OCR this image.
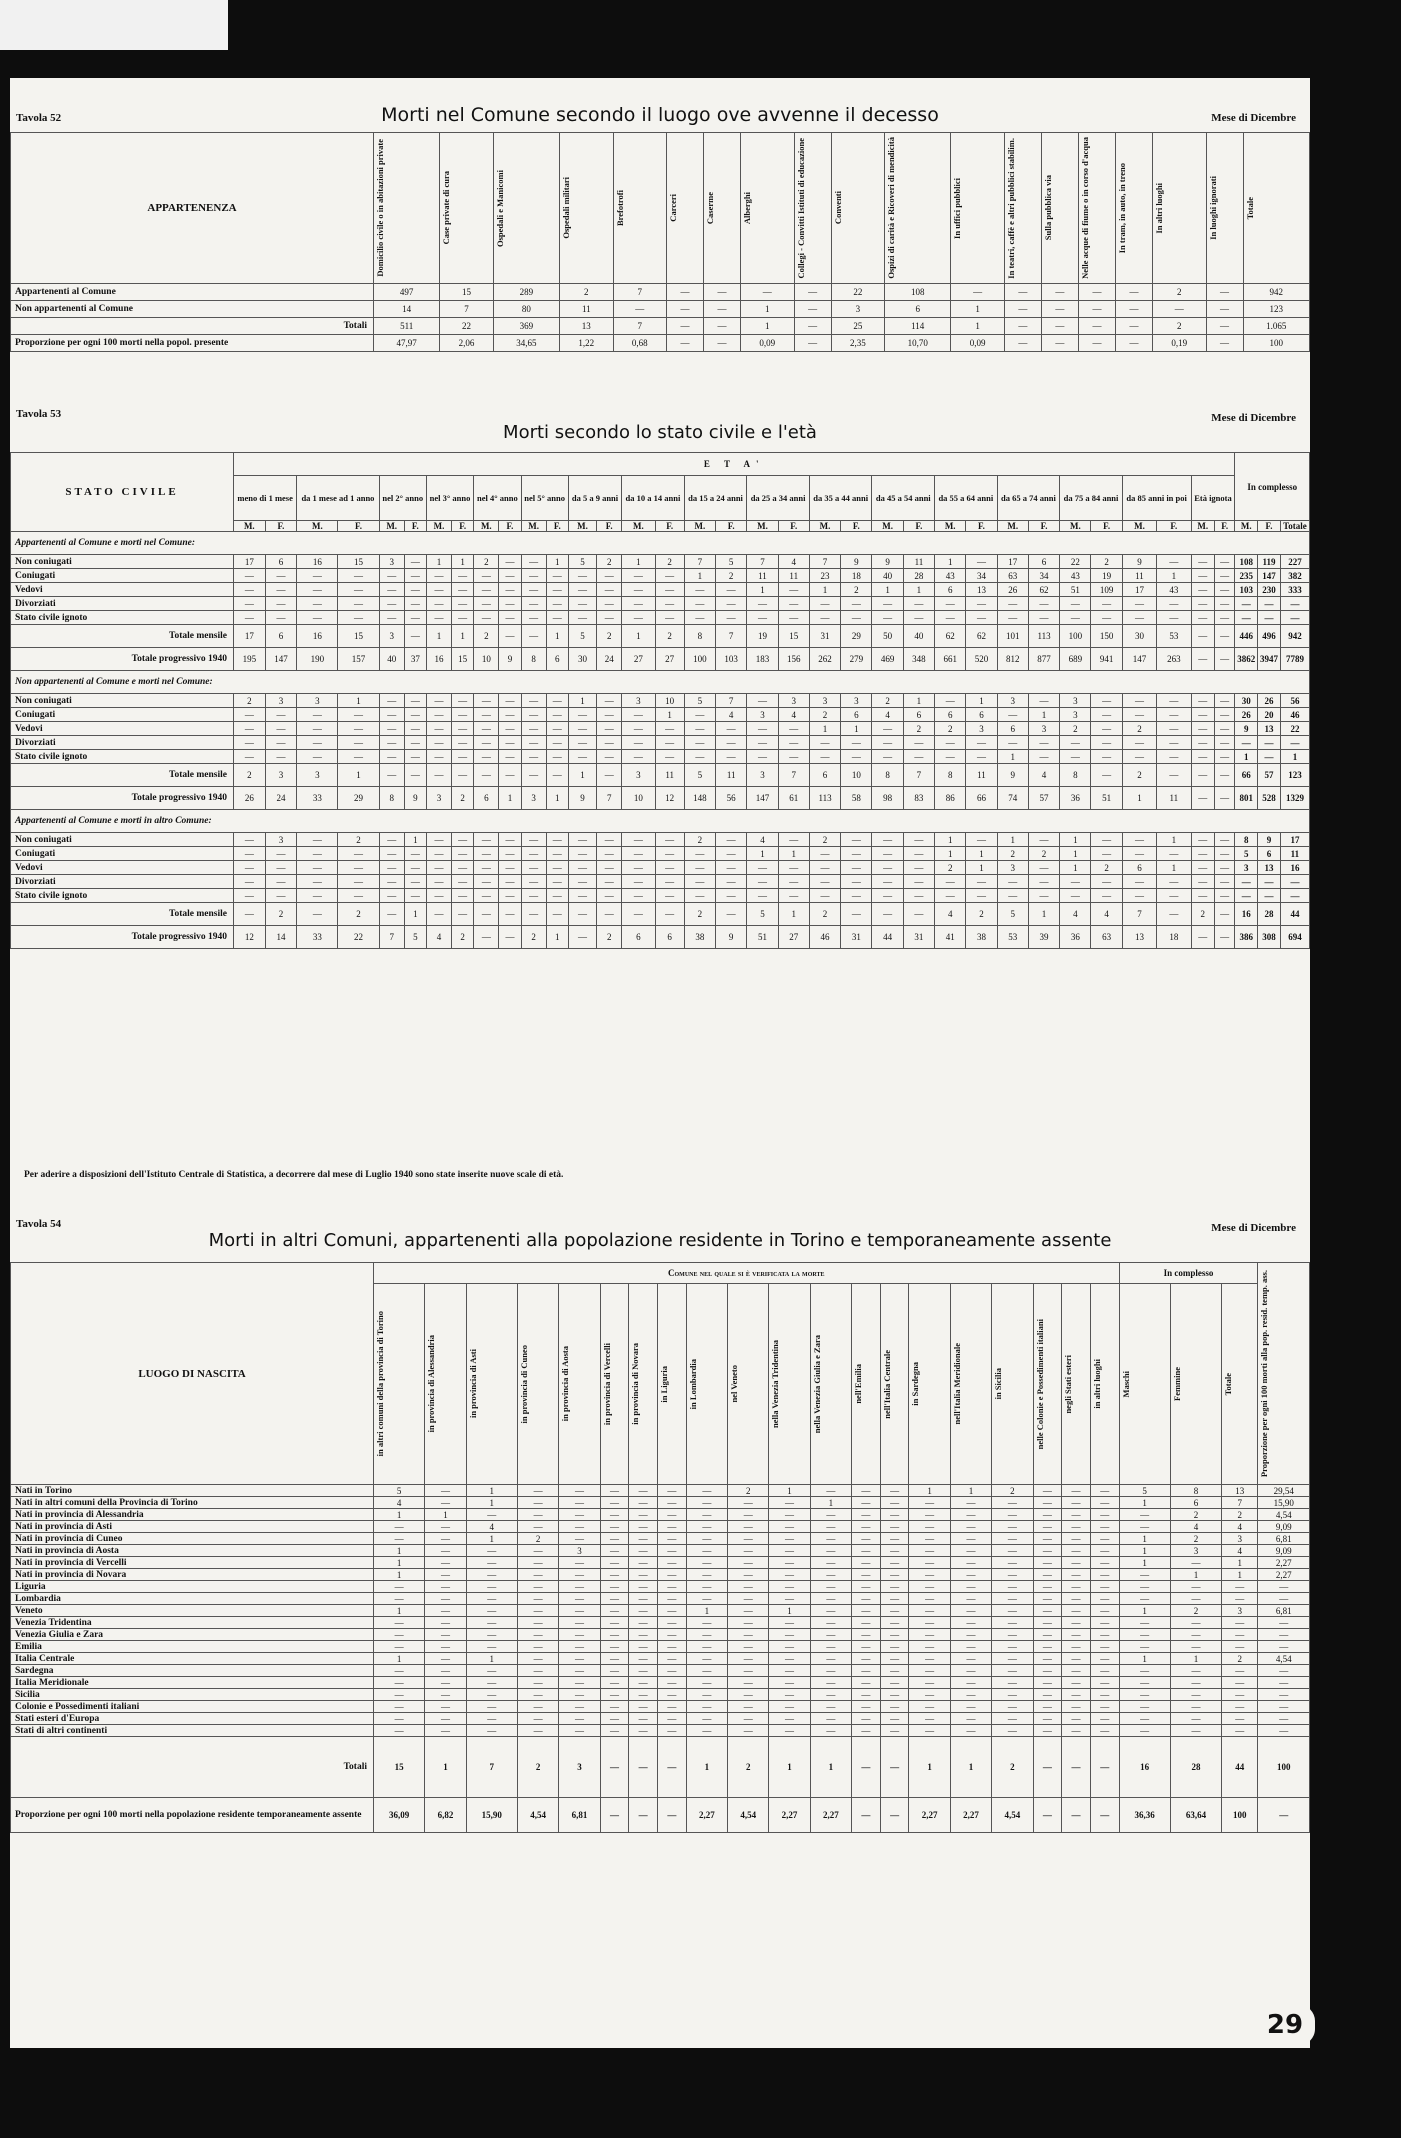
Tavola 52	Morti nel Comune secondo il luogo ove avvenne il decesso	Mese di Dicembre
APPARTENENZA	Domicilio civile o in abitazioni private	Case private di cura	Ospedali e Manicomi	Ospedali militari	Brefotrofi	Carceri	Caserme	Alberghi	Collegi - Convitti Istituti di educazione	Conventi	Ospizi di carità e Ricoveri di mendicità	In uffici pubblici	In teatri, caffè e altri pubblici stabilim.	Sulla pubblica via	Nelle acque di fiume o in corso d'acqua	In tram, in auto, in treno	In altri luoghi	In luoghi ignorati	Totale

Appartenenti al Comune	497	15	289	2	7	—	—	—	—	22	108	—	—	—	—	—	2	—	942
Non appartenenti al Comune	14	7	80	11	—	—	—	1	—	3	6	1	—	—	—	—	—	—	123
Totali	511	22	369	13	7	—	—	1	—	25	114	1	—	—	—	—	2	—	1.065
Proporzione per ogni 100 morti nella popol. presente	47,97	2,06	34,65	1,22	0,68	—	—	0,09	—	2,35	10,70	0,09	—	—	—	—	0,19	—	100
Tavola 53
Morti secondo lo stato civile e l'età
Mese di Dicembre
STATO CIVILE	E T A'																																		In complesso		
	meno di 1 mese		da 1 mese ad 1 anno		nel 2° anno		nel 3° anno		nel 4° anno		nel 5° anno		da 5 a 9 anni		da 10 a 14 anni		da 15 a 24 anni		da 25 a 34 anni		da 35 a 44 anni		da 45 a 54 anni		da 55 a 64 anni		da 65 a 74 anni		da 75 a 84 anni		da 85 anni in poi		Età ignota				
	M.	F.	M.	F.	M.	F.	M.	F.	M.	F.	M.	F.	M.	F.	M.	F.	M.	F.	M.	F.	M.	F.	M.	F.	M.	F.	M.	F.	M.	F.	M.	F.	M.	F.	M.	F.	Totale
Appartenenti al Comune e morti nel Comune:																																					
Non coniugati	17	6	16	15	3	—	1	1	2	—	—	1	5	2	1	2	7	5	7	4	7	9	9	11	1	—	17	6	22	2	9	—	—	—	108	119	227
Coniugati	—	—	—	—	—	—	—	—	—	—	—	—	—	—	—	—	1	2	11	11	23	18	40	28	43	34	63	34	43	19	11	1	—	—	235	147	382
Vedovi	—	—	—	—	—	—	—	—	—	—	—	—	—	—	—	—	—	—	1	—	1	2	1	1	6	13	26	62	51	109	17	43	—	—	103	230	333
Divorziati	—	—	—	—	—	—	—	—	—	—	—	—	—	—	—	—	—	—	—	—	—	—	—	—	—	—	—	—	—	—	—	—	—	—	—	—	—
Stato civile ignoto	—	—	—	—	—	—	—	—	—	—	—	—	—	—	—	—	—	—	—	—	—	—	—	—	—	—	—	—	—	—	—	—	—	—	—	—	—
Totale mensile	17	6	16	15	3	—	1	1	2	—	—	1	5	2	1	2	8	7	19	15	31	29	50	40	62	62	101	113	100	150	30	53	—	—	446	496	942
Totale progressivo 1940	195	147	190	157	40	37	16	15	10	9	8	6	30	24	27	27	100	103	183	156	262	279	469	348	661	520	812	877	689	941	147	263	—	—	3862	3947	7789
Non appartenenti al Comune e morti nel Comune:																																					
Non coniugati	2	3	3	1	—	—	—	—	—	—	—	—	1	—	3	10	5	7	—	3	3	3	2	1	—	1	3	—	3	—	—	—	—	—	30	26	56
Coniugati	—	—	—	—	—	—	—	—	—	—	—	—	—	—	—	1	—	4	3	4	2	6	4	6	6	6	—	1	3	—	—	—	—	—	26	20	46
Vedovi	—	—	—	—	—	—	—	—	—	—	—	—	—	—	—	—	—	—	—	—	1	1	—	2	2	3	6	3	2	—	2	—	—	—	9	13	22
Divorziati	—	—	—	—	—	—	—	—	—	—	—	—	—	—	—	—	—	—	—	—	—	—	—	—	—	—	—	—	—	—	—	—	—	—	—	—	—
Stato civile ignoto	—	—	—	—	—	—	—	—	—	—	—	—	—	—	—	—	—	—	—	—	—	—	—	—	—	—	1	—	—	—	—	—	—	—	1	—	1
Totale mensile	2	3	3	1	—	—	—	—	—	—	—	—	1	—	3	11	5	11	3	7	6	10	8	7	8	11	9	4	8	—	2	—	—	—	66	57	123
Totale progressivo 1940	26	24	33	29	8	9	3	2	6	1	3	1	9	7	10	12	148	56	147	61	113	58	98	83	86	66	74	57	36	51	1	11	—	—	801	528	1329
Appartenenti al Comune e morti in altro Comune:																																					
Non coniugati	—	3	—	2	—	1	—	—	—	—	—	—	—	—	—	—	2	—	4	—	2	—	—	—	1	—	1	—	1	—	—	1	—	—	8	9	17
Coniugati	—	—	—	—	—	—	—	—	—	—	—	—	—	—	—	—	—	—	1	1	—	—	—	—	1	1	2	2	1	—	—	—	—	—	5	6	11
Vedovi	—	—	—	—	—	—	—	—	—	—	—	—	—	—	—	—	—	—	—	—	—	—	—	—	2	1	3	—	1	2	6	1	—	—	3	13	16
Divorziati	—	—	—	—	—	—	—	—	—	—	—	—	—	—	—	—	—	—	—	—	—	—	—	—	—	—	—	—	—	—	—	—	—	—	—	—	—
Stato civile ignoto	—	—	—	—	—	—	—	—	—	—	—	—	—	—	—	—	—	—	—	—	—	—	—	—	—	—	—	—	—	—	—	—	—	—	—	—	—
Totale mensile	—	2	—	2	—	1	—	—	—	—	—	—	—	—	—	—	2	—	5	1	2	—	—	—	4	2	5	1	4	4	7	—	2	—	16	28	44
Totale progressivo 1940	12	14	33	22	7	5	4	2	—	—	2	1	—	2	6	6	38	9	51	27	46	31	44	31	41	38	53	39	36	63	13	18	—	—	386	308	694
Per aderire a disposizioni dell'Istituto Centrale di Statistica, a decorrere dal mese di Luglio 1940 sono state inserite nuove scale di età.
Tavola 54
Morti in altri Comuni, appartenenti alla popolazione residente in Torino e temporaneamente assente
Mese di Dicembre
LUOGO DI NASCITA	Comune nel quale si è verificata la morte																				In complesso			Proporzione per ogni 100 morti alla pop. resid. temp. ass.

	in altri comuni della provincia di Torino	in provincia di Alessandria	in provincia di Asti	in provincia di Cuneo	in provincia di Aosta	in provincia di Vercelli	in provincia di Novara	in Liguria	in Lombardia	nel Veneto	nella Venezia Tridentina	nella Venezia Giulia e Zara	nell'Emilia	nell'Italia Centrale	in Sardegna	nell'Italia Meridionale	in Sicilia	nelle Colonie e Possedimenti italiani	negli Stati esteri	in altri luoghi	Maschi	Femmine	Totale	

Nati in Torino	5	—	1	—	—	—	—	—	—	2	1	—	—	—	1	1	2	—	—	—	5	8	13	29,54
Nati in altri comuni della Provincia di Torino	4	—	1	—	—	—	—	—	—	—	—	1	—	—	—	—	—	—	—	—	1	6	7	15,90
Nati in provincia di Alessandria	1	1	—	—	—	—	—	—	—	—	—	—	—	—	—	—	—	—	—	—	—	2	2	4,54
Nati in provincia di Asti	—	—	4	—	—	—	—	—	—	—	—	—	—	—	—	—	—	—	—	—	—	4	4	9,09
Nati in provincia di Cuneo	—	—	1	2	—	—	—	—	—	—	—	—	—	—	—	—	—	—	—	—	1	2	3	6,81
Nati in provincia di Aosta	1	—	—	—	3	—	—	—	—	—	—	—	—	—	—	—	—	—	—	—	1	3	4	9,09
Nati in provincia di Vercelli	1	—	—	—	—	—	—	—	—	—	—	—	—	—	—	—	—	—	—	—	1	—	1	2,27
Nati in provincia di Novara	1	—	—	—	—	—	—	—	—	—	—	—	—	—	—	—	—	—	—	—	—	1	1	2,27
Liguria	—	—	—	—	—	—	—	—	—	—	—	—	—	—	—	—	—	—	—	—	—	—	—	—
Lombardia	—	—	—	—	—	—	—	—	—	—	—	—	—	—	—	—	—	—	—	—	—	—	—	—
Veneto	1	—	—	—	—	—	—	—	1	—	1	—	—	—	—	—	—	—	—	—	1	2	3	6,81
Venezia Tridentina	—	—	—	—	—	—	—	—	—	—	—	—	—	—	—	—	—	—	—	—	—	—	—	—
Venezia Giulia e Zara	—	—	—	—	—	—	—	—	—	—	—	—	—	—	—	—	—	—	—	—	—	—	—	—
Emilia	—	—	—	—	—	—	—	—	—	—	—	—	—	—	—	—	—	—	—	—	—	—	—	—
Italia Centrale	1	—	1	—	—	—	—	—	—	—	—	—	—	—	—	—	—	—	—	—	1	1	2	4,54
Sardegna	—	—	—	—	—	—	—	—	—	—	—	—	—	—	—	—	—	—	—	—	—	—	—	—
Italia Meridionale	—	—	—	—	—	—	—	—	—	—	—	—	—	—	—	—	—	—	—	—	—	—	—	—
Sicilia	—	—	—	—	—	—	—	—	—	—	—	—	—	—	—	—	—	—	—	—	—	—	—	—
Colonie e Possedimenti italiani	—	—	—	—	—	—	—	—	—	—	—	—	—	—	—	—	—	—	—	—	—	—	—	—
Stati esteri d'Europa	—	—	—	—	—	—	—	—	—	—	—	—	—	—	—	—	—	—	—	—	—	—	—	—
Stati di altri continenti	—	—	—	—	—	—	—	—	—	—	—	—	—	—	—	—	—	—	—	—	—	—	—	—
Totali	15	1	7	2	3	—	—	—	1	2	1	1	—	—	1	1	2	—	—	—	16	28	44	100
Proporzione per ogni 100 morti nella popolazione residente temporaneamente assente	36,09	6,82	15,90	4,54	6,81	—	—	—	2,27	4,54	2,27	2,27	—	—	2,27	2,27	4,54	—	—	—	36,36	63,64	100	—
29
